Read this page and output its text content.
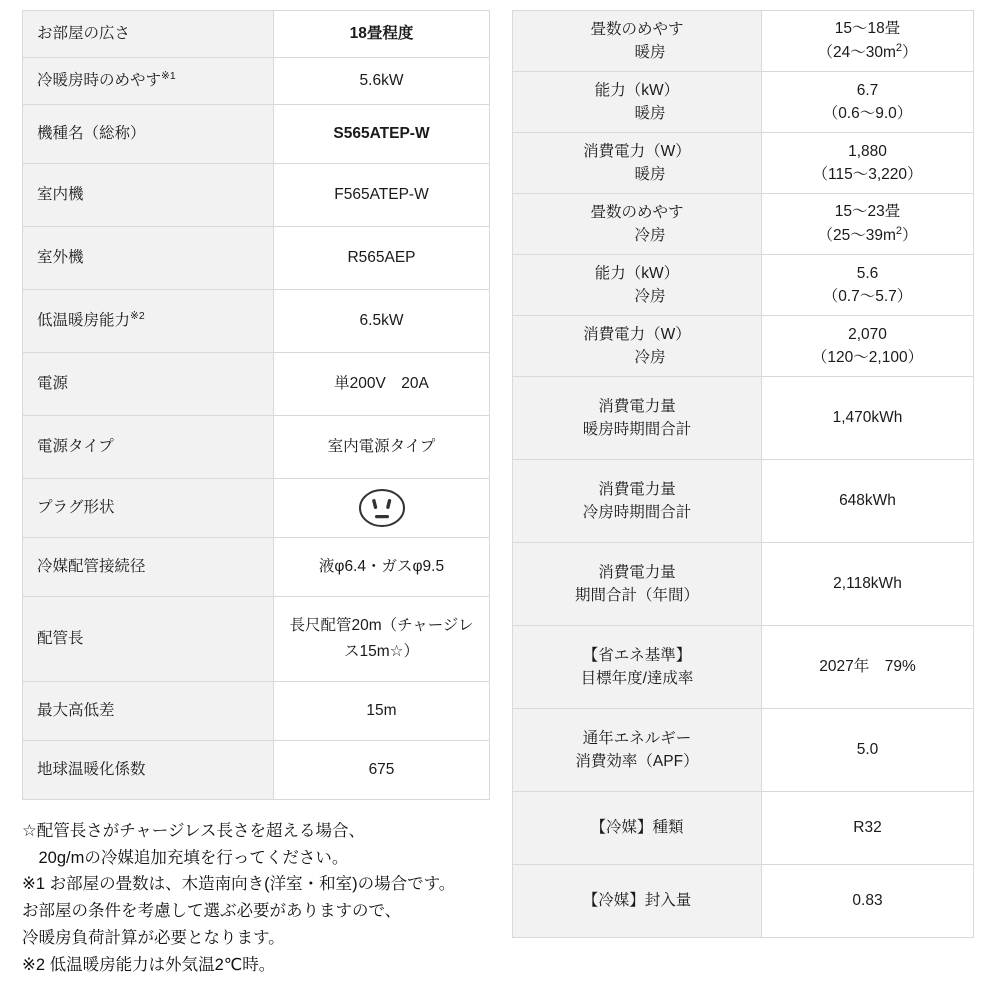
お部屋の広さ	18畳程度
冷暖房時のめやす$^{※1}$	5.6kW
機種名（総称）	S565ATEP-W
室内機	F565ATEP-W
室外機	R565AEP
低温暖房能力$^{※2}$	6.5kW
電源	単200V　20A
電源タイプ	室内電源タイプ
プラグ形状	

冷媒配管接続径	液φ6.4・ガスφ9.5
配管長	長尺配管20m（チャージレス15m☆）
最大高低差	15m
地球温暖化係数	675
☆配管長さがチャージレス長さを超える場合、
　20g/mの冷媒追加充填を行ってください。
※1 お部屋の畳数は、木造南向き(洋室・和室)の場合です。
お部屋の条件を考慮して選ぶ必要がありますので、
冷暖房負荷計算が必要となります。
※2 低温暖房能力は外気温2℃時。
畳数のめやす
暖房	15〜18畳
（24〜$30m^2$）

能力（kW）
暖房	6.7
（0.6〜9.0）

消費電力（W）
暖房	1,880
（115〜3,220）

畳数のめやす
冷房	15〜23畳
（25〜$39m^2$）

能力（kW）
冷房	5.6
（0.7〜5.7）

消費電力（W）
冷房	2,070
（120〜2,100）

消費電力量
暖房時期間合計	1,470kWh

消費電力量
冷房時期間合計	648kWh

消費電力量
期間合計（年間）	2,118kWh

【省エネ基準】
目標年度/達成率	2027年　79%

通年エネルギー
消費効率（APF）	5.0

【冷媒】種類	R32

【冷媒】封入量	0.83
